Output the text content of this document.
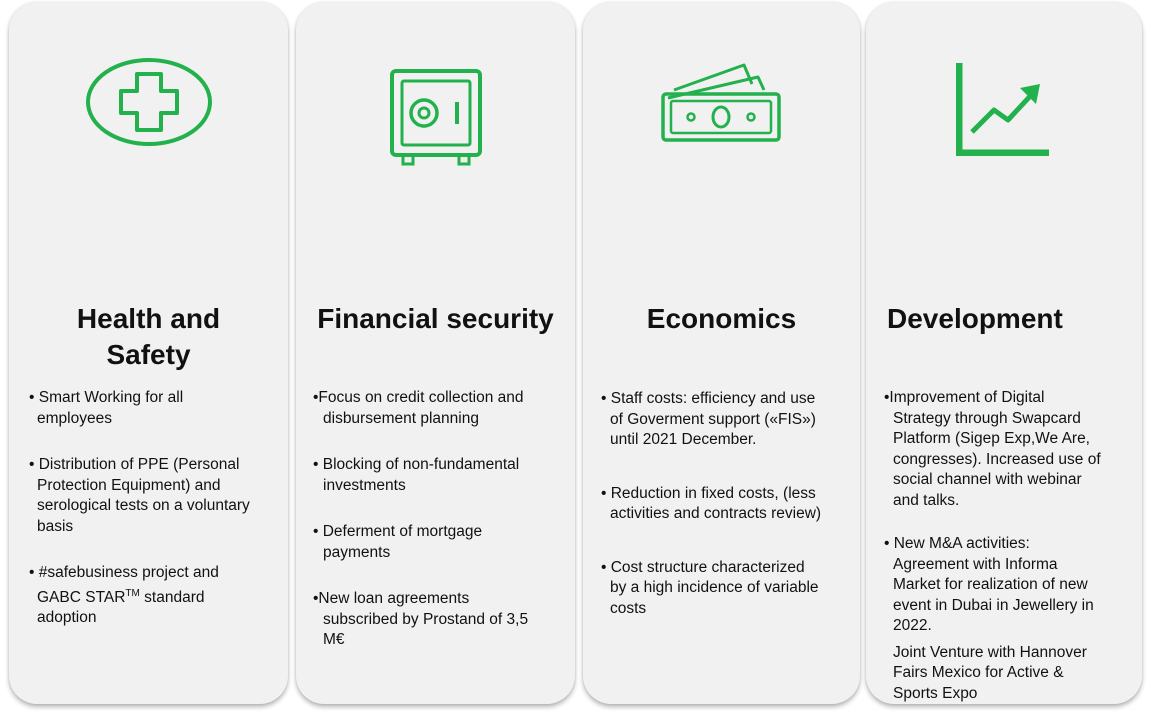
Health and
Safety
• Smart Working for all
employees
• Distribution of PPE (Personal
Protection Equipment) and
serological tests on a voluntary
basis
• #safebusiness project and
GABC STAR™ standard
adoption
Financial security
•Focus on credit collection and
disbursement planning
• Blocking of non-fundamental
investments
• Deferment of mortgage
payments
•New loan agreements
subscribed by Prostand of 3,5
M€
Economics
• Staff costs: efficiency and use
of Goverment support («FIS»)
until 2021 December.
• Reduction in fixed costs, (less
activities and contracts review)
• Cost structure characterized
by a high incidence of variable
costs
Development
•Improvement of Digital
Strategy through Swapcard
Platform (Sigep Exp,We Are,
congresses). Increased use of
social channel with webinar
and talks.
• New M&A activities:
Agreement with Informa
Market for realization of new
event in Dubai in Jewellery in
2022.
Joint Venture with Hannover
Fairs Mexico for Active &
Sports Expo
